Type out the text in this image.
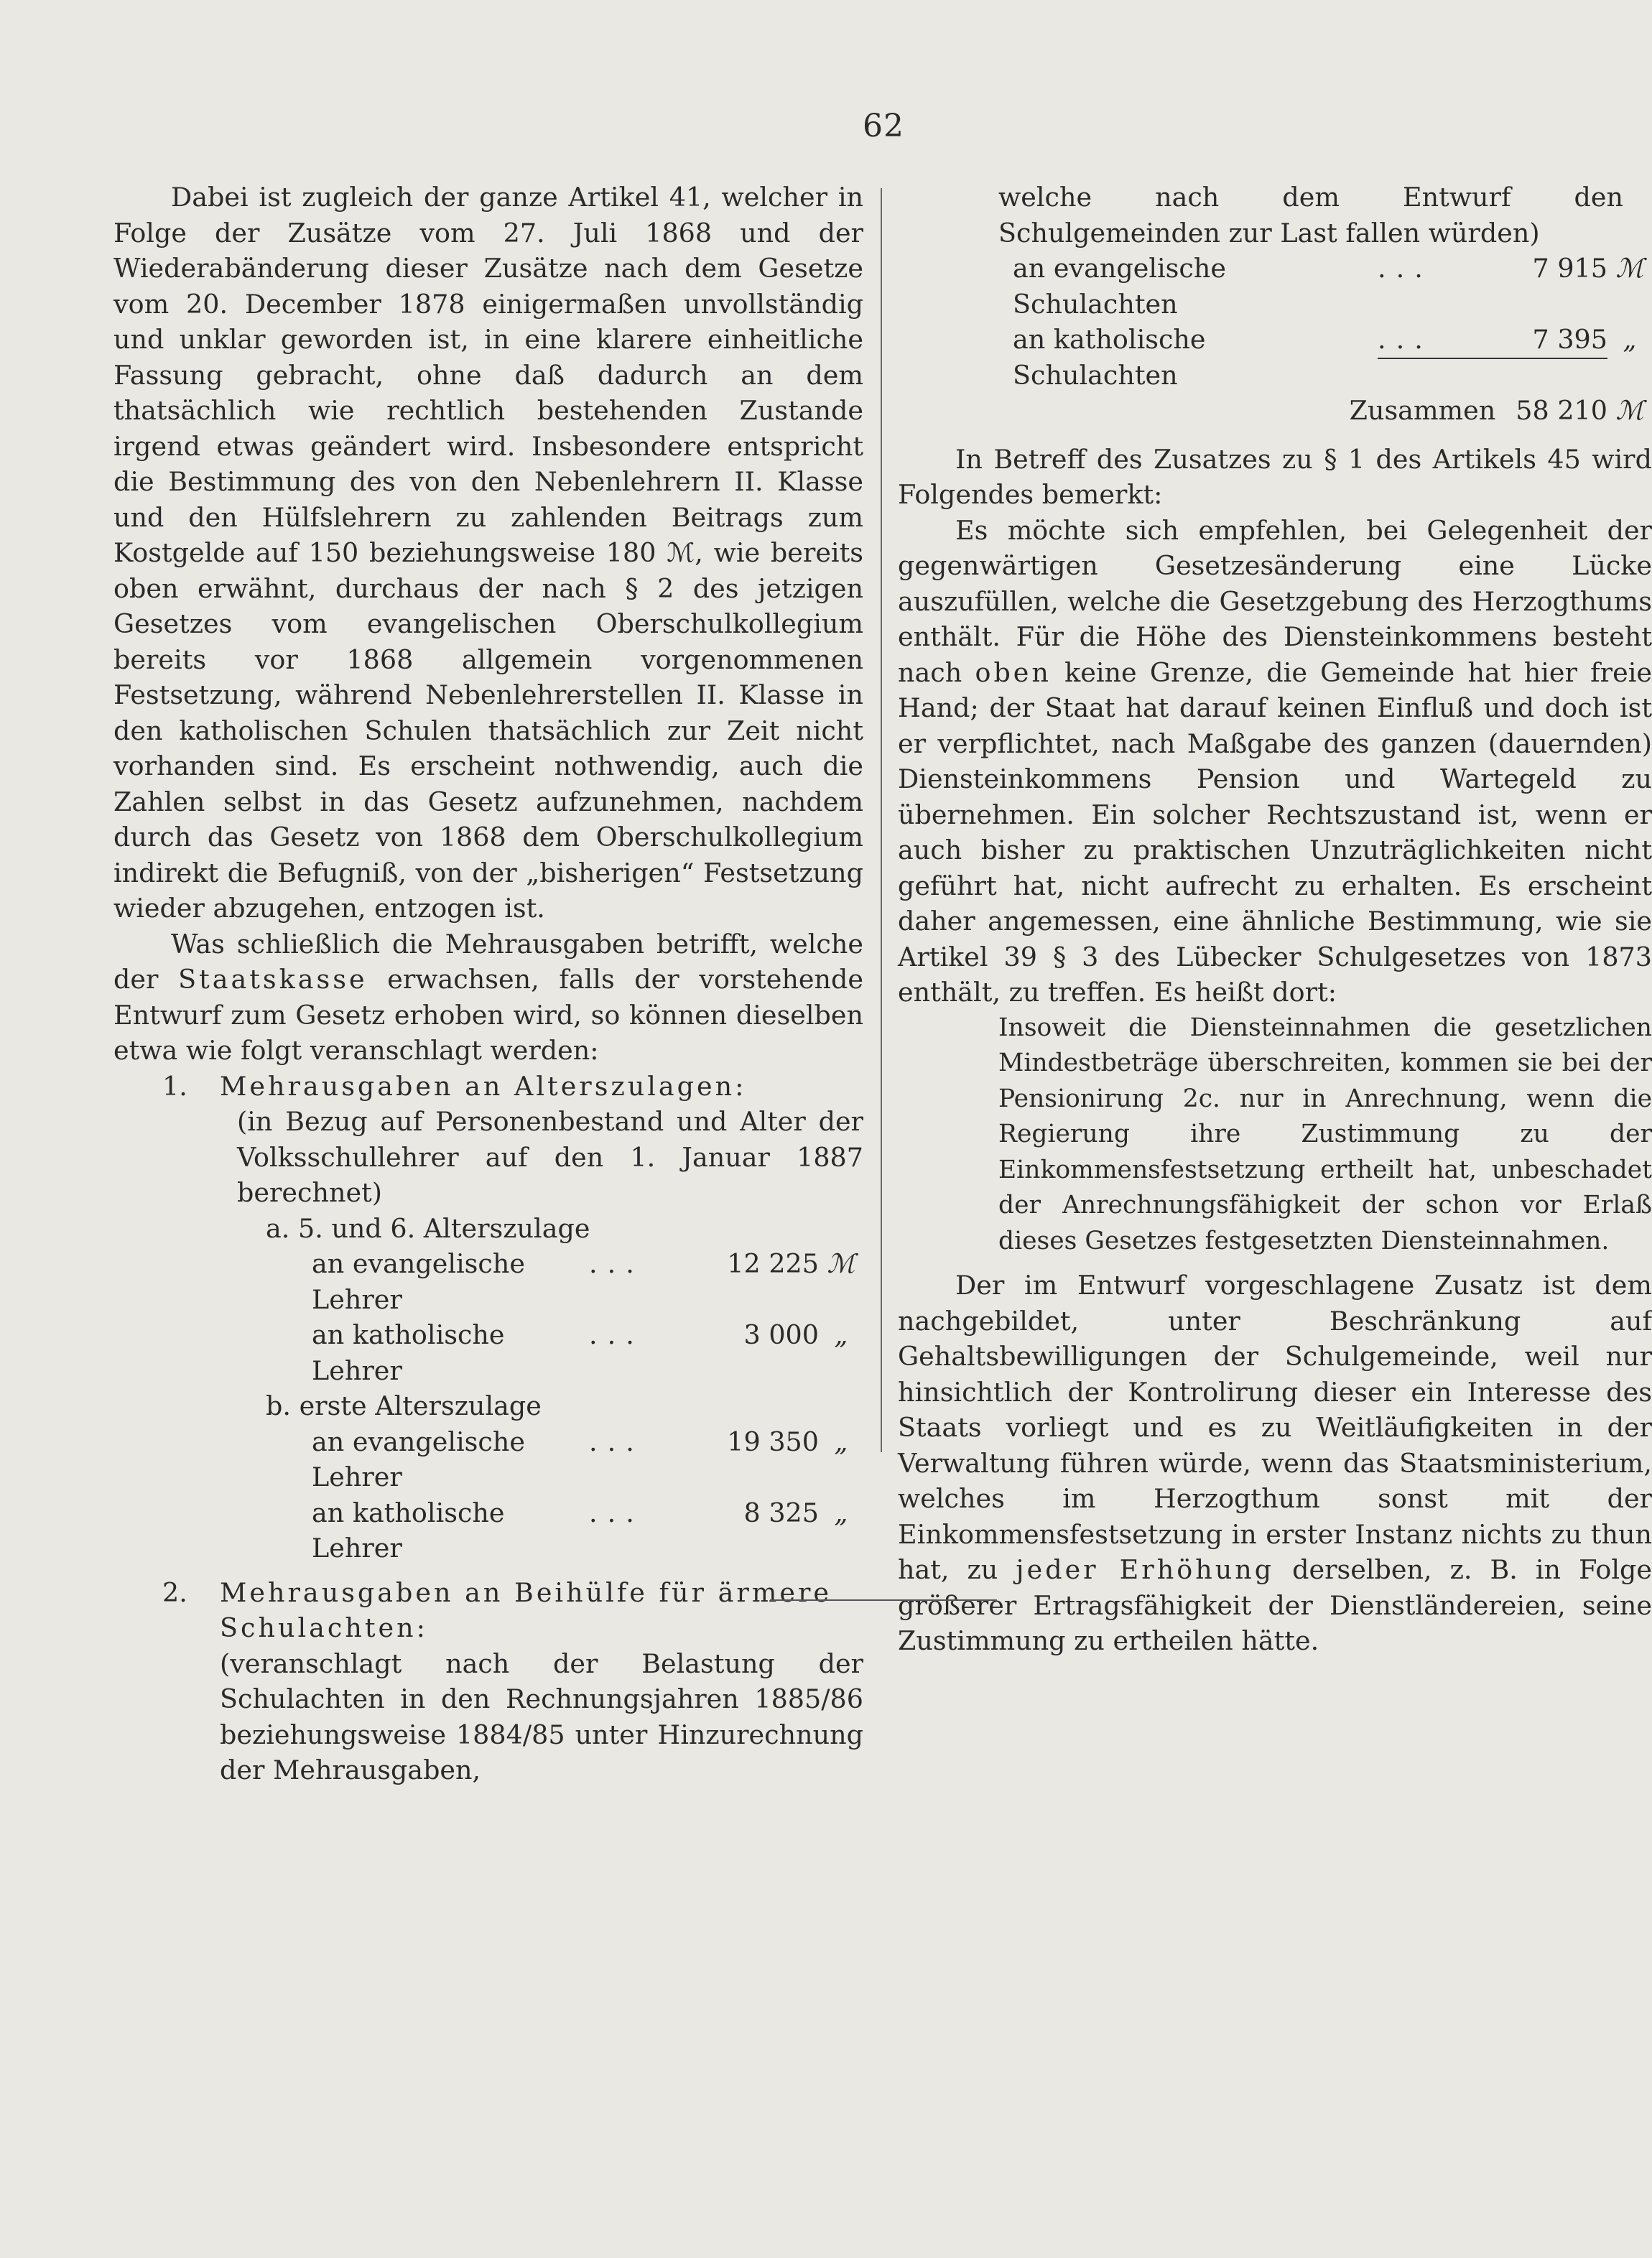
62

Dabei ist zugleich der ganze Artikel 41, welcher in Folge der Zusätze vom 27. Juli 1868 und der Wiederabänderung dieser Zusätze nach dem Gesetze vom 20. December 1878 einigermaßen unvollständig und unklar geworden ist, in eine klarere einheitliche Fassung gebracht, ohne daß dadurch an dem thatsächlich wie rechtlich bestehenden Zustande irgend etwas geändert wird. Insbesondere entspricht die Bestimmung des von den Nebenlehrern II. Klasse und den Hülfslehrern zu zahlenden Beitrags zum Kostgelde auf 150 beziehungsweise 180 ℳ, wie bereits oben erwähnt, durchaus der nach § 2 des jetzigen Gesetzes vom evangelischen Oberschulkollegium bereits vor 1868 allgemein vorgenommenen Festsetzung, während Nebenlehrerstellen II. Klasse in den katholischen Schulen thatsächlich zur Zeit nicht vorhanden sind. Es erscheint nothwendig, auch die Zahlen selbst in das Gesetz aufzunehmen, nachdem durch das Gesetz von 1868 dem Oberschulkollegium indirekt die Befugniß, von der „bisherigen“ Festsetzung wieder abzugehen, entzogen ist.

Was schließlich die Mehrausgaben betrifft, welche der Staatskasse erwachsen, falls der vorstehende Entwurf zum Gesetz erhoben wird, so können dieselben etwa wie folgt veranschlagt werden:

1.	Mehrausgaben an Alterszulagen:
(in Bezug auf Personenbestand und Alter der Volksschullehrer auf den 1. Januar 1887 berechnet)
a. 5. und 6. Alterszulage
an evangelische Lehrer
...	12 225 ℳ
an katholische Lehrer
...	3 000 „
b. erste Alterszulage
an evangelische Lehrer
...	19 350 „
an katholische Lehrer
...	8 325 „
2.	Mehrausgaben an Beihülfe für ärmere Schulachten:
(veranschlagt nach der Belastung der Schulachten in den Rechnungsjahren 1885/86 beziehungsweise 1884/85 unter Hinzurechnung der Mehrausgaben,
welche nach dem Entwurf den Schulgemeinden zur Last fallen würden)
an evangelische Schulachten
...	7 915 ℳ
an katholische Schulachten
...	7 395 „
Zusammen 58 210 ℳ

In Betreff des Zusatzes zu § 1 des Artikels 45 wird Folgendes bemerkt:

Es möchte sich empfehlen, bei Gelegenheit der gegenwärtigen Gesetzesänderung eine Lücke auszufüllen, welche die Gesetzgebung des Herzogthums enthält. Für die Höhe des Diensteinkommens besteht nach oben keine Grenze, die Gemeinde hat hier freie Hand; der Staat hat darauf keinen Einfluß und doch ist er verpflichtet, nach Maßgabe des ganzen (dauernden) Diensteinkommens Pension und Wartegeld zu übernehmen. Ein solcher Rechtszustand ist, wenn er auch bisher zu praktischen Unzuträglichkeiten nicht geführt hat, nicht aufrecht zu erhalten. Es erscheint daher angemessen, eine ähnliche Bestimmung, wie sie Artikel 39 § 3 des Lübecker Schulgesetzes von 1873 enthält, zu treffen. Es heißt dort:

Insoweit die Diensteinnahmen die gesetzlichen Mindestbeträge überschreiten, kommen sie bei der Pensionirung 2c. nur in Anrechnung, wenn die Regierung ihre Zustimmung zu der Einkommensfestsetzung ertheilt hat, unbeschadet der Anrechnungsfähigkeit der schon vor Erlaß dieses Gesetzes festgesetzten Diensteinnahmen.

Der im Entwurf vorgeschlagene Zusatz ist dem nachgebildet, unter Beschränkung auf Gehaltsbewilligungen der Schulgemeinde, weil nur hinsichtlich der Kontrolirung dieser ein Interesse des Staats vorliegt und es zu Weitläufigkeiten in der Verwaltung führen würde, wenn das Staatsministerium, welches im Herzogthum sonst mit der Einkommensfestsetzung in erster Instanz nichts zu thun hat, zu jeder Erhöhung derselben, z. B. in Folge größerer Ertragsfähigkeit der Dienstländereien, seine Zustimmung zu ertheilen hätte.
